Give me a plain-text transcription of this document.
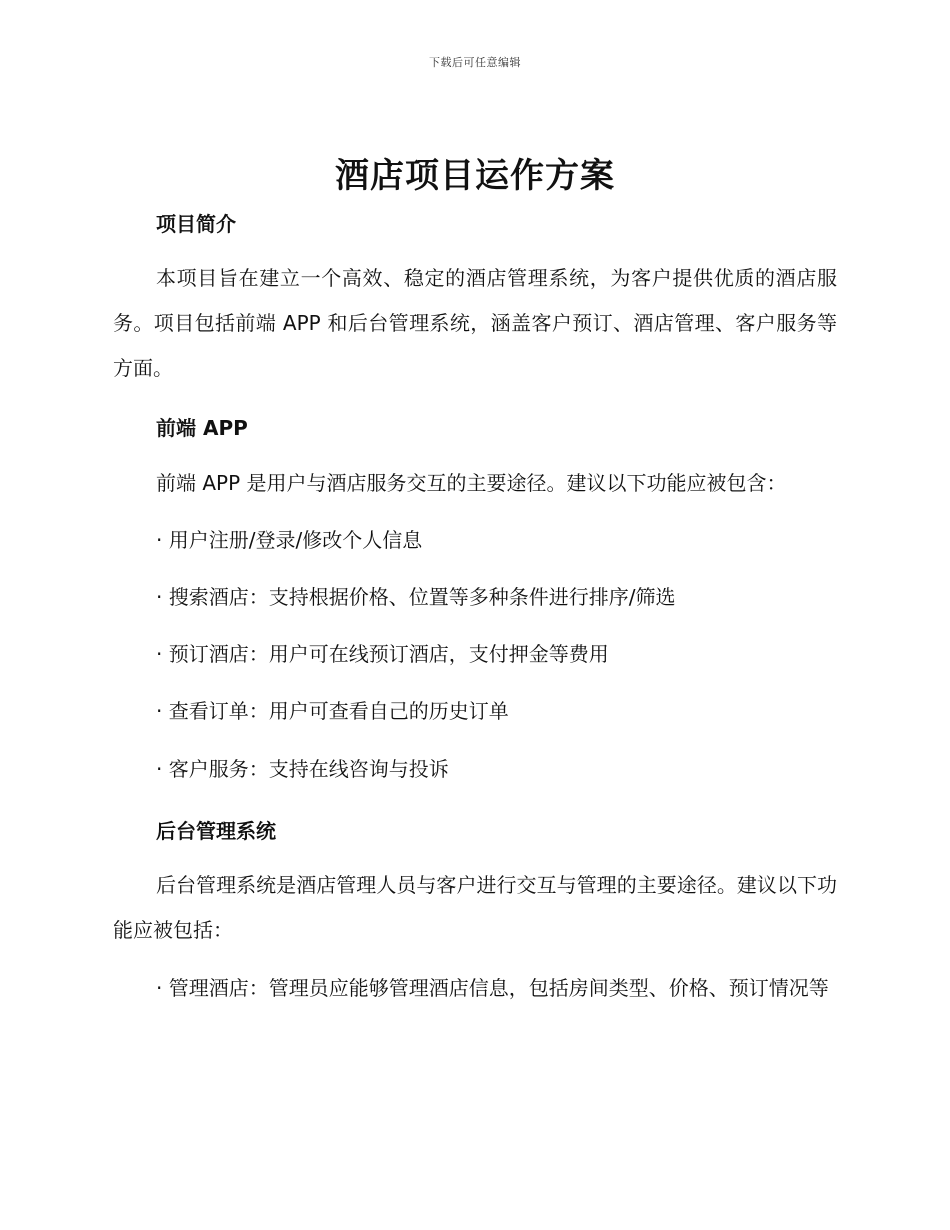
下载后可任意编辑
酒店项目运作方案
项目简介

本项目旨在建立一个高效、稳定的酒店管理系统，为客户提供优质的酒店服务。项目包括前端 APP 和后台管理系统，涵盖客户预订、酒店管理、客户服务等方面。

前端 APP

前端 APP 是用户与酒店服务交互的主要途径。建议以下功能应被包含：

· 用户注册/登录/修改个人信息

· 搜索酒店：支持根据价格、位置等多种条件进行排序/筛选

· 预订酒店：用户可在线预订酒店，支付押金等费用

· 查看订单：用户可查看自己的历史订单

· 客户服务：支持在线咨询与投诉

后台管理系统

后台管理系统是酒店管理人员与客户进行交互与管理的主要途径。建议以下功能应被包括：

· 管理酒店：管理员应能够管理酒店信息，包括房间类型、价格、预订情况等
